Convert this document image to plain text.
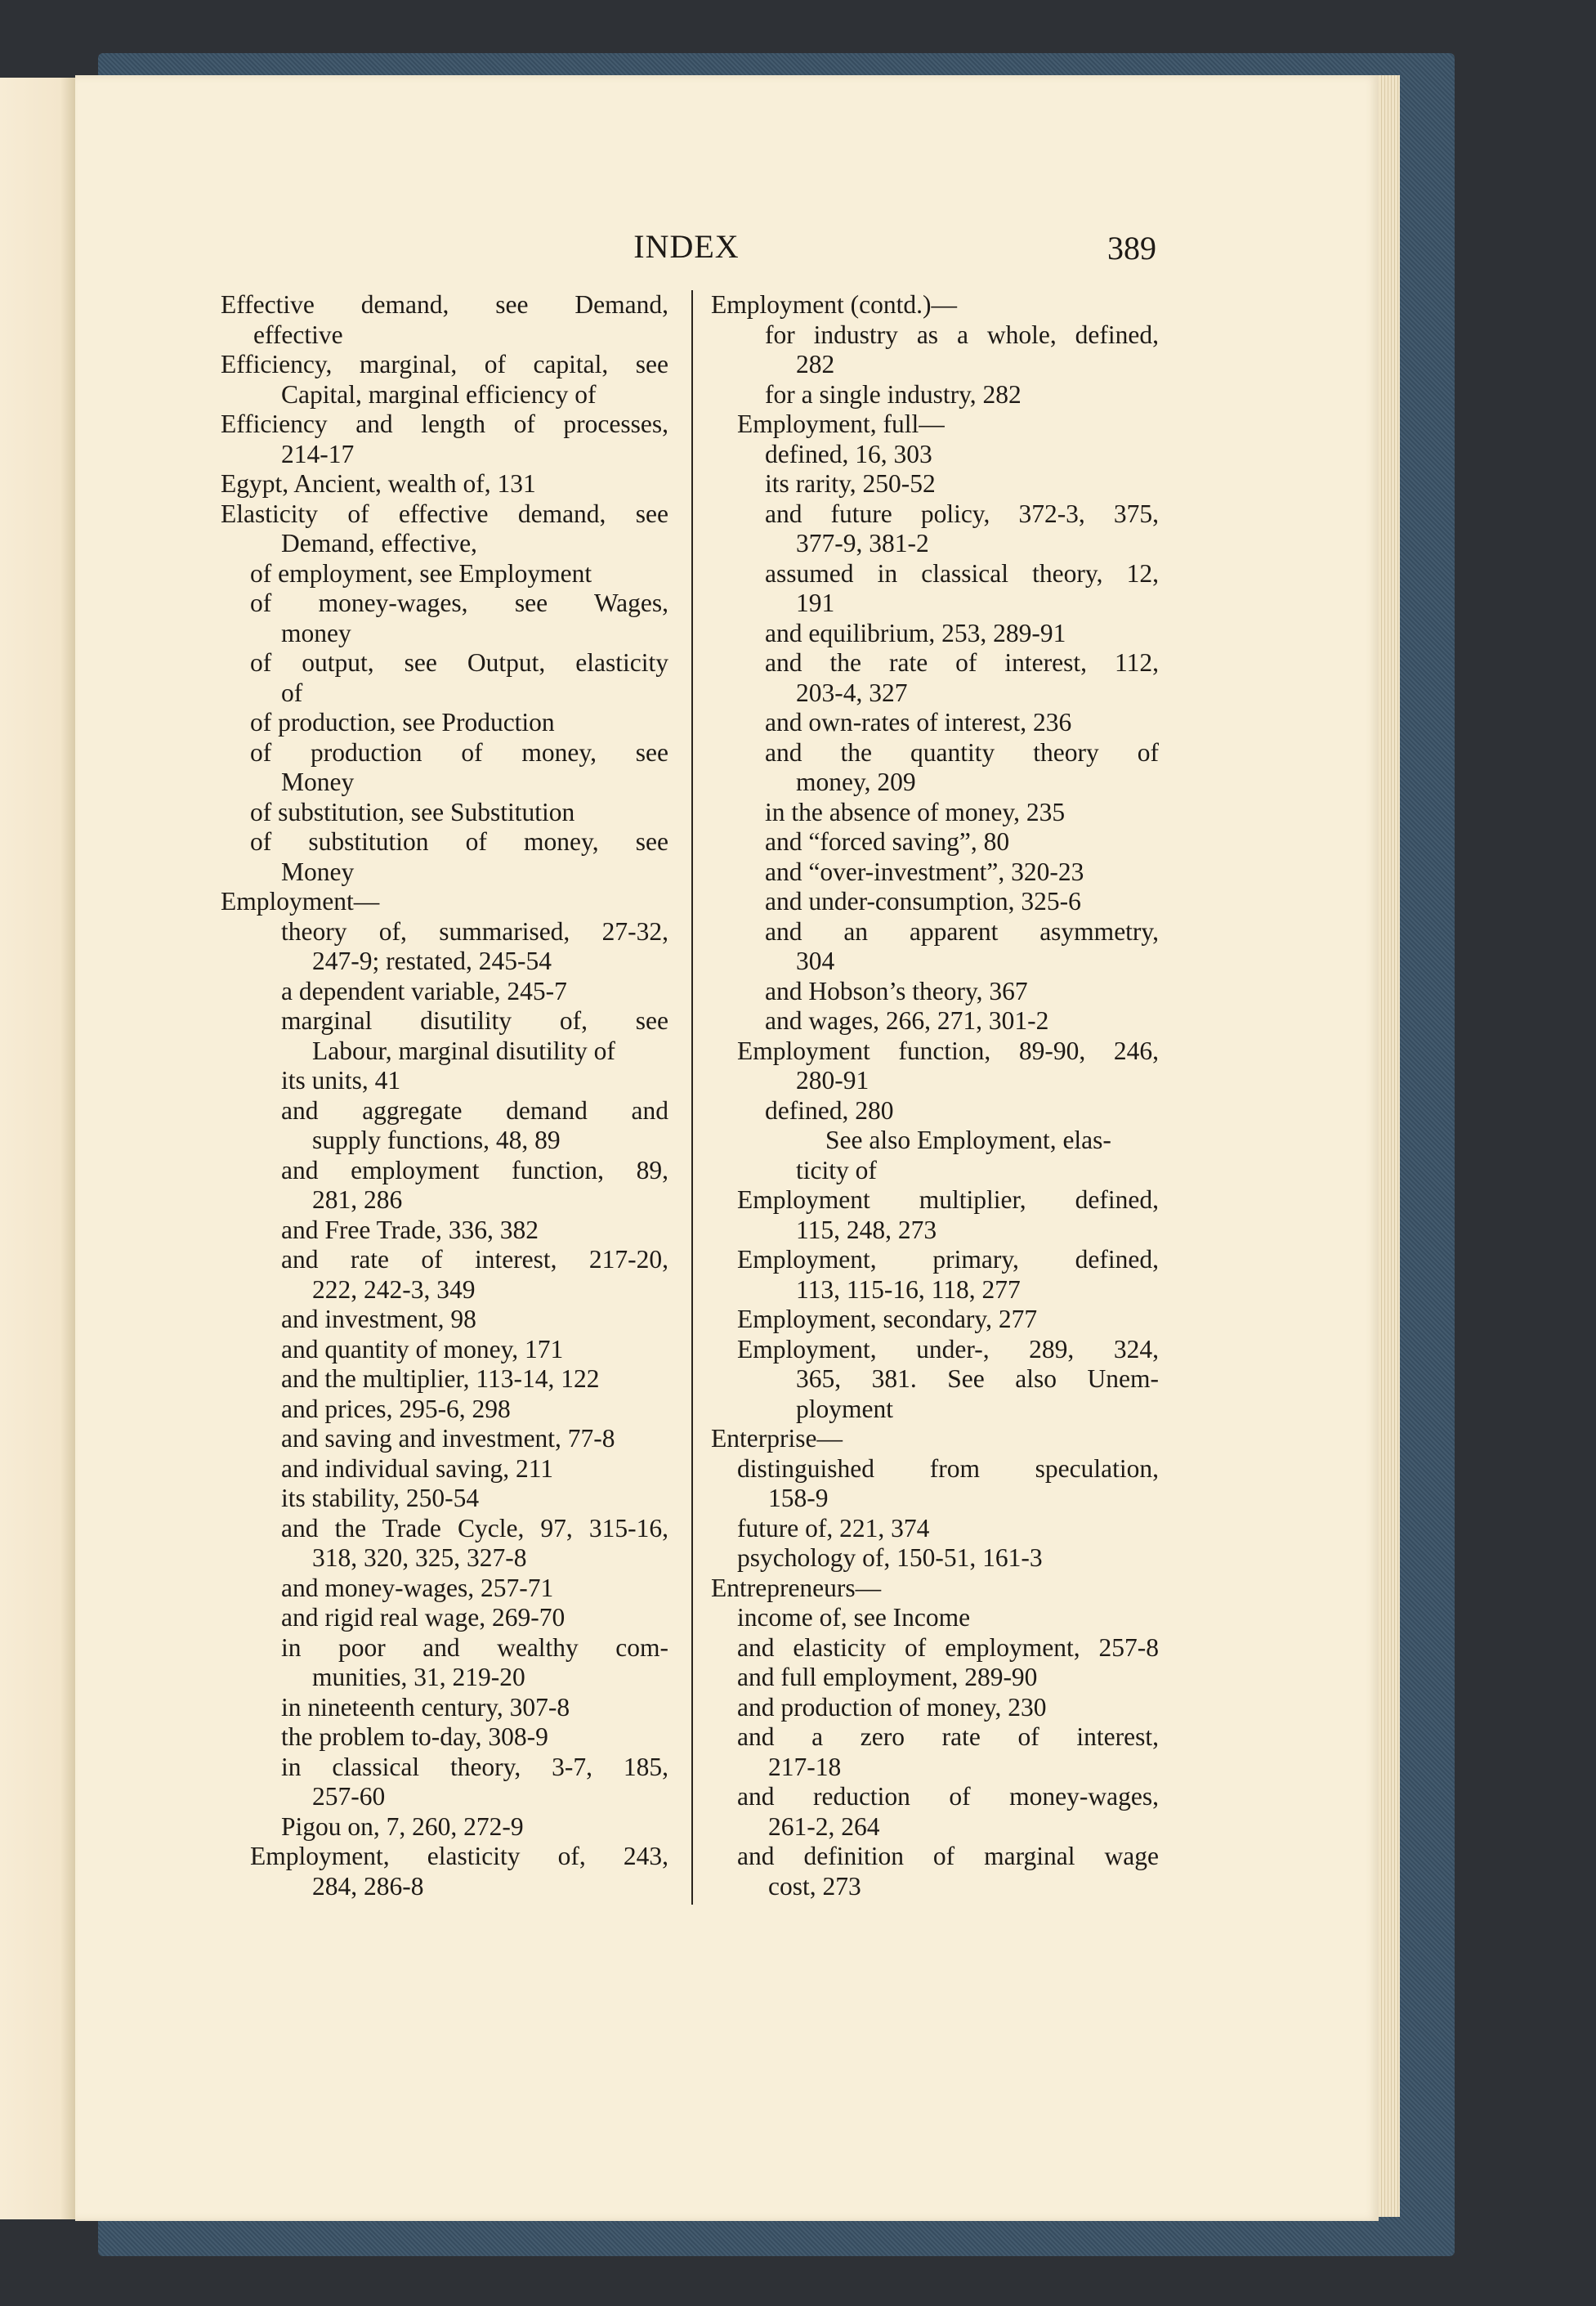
INDEX	389
Effective demand, see Demand,
effective
Efficiency, marginal, of capital, see
Capital, marginal efficiency of
Efficiency and length of processes,
214-17
Egypt, Ancient, wealth of, 131
Elasticity of effective demand, see
Demand, effective,
of employment, see Employment
of money-wages, see Wages,
money
of output, see Output, elasticity
of
of production, see Production
of production of money, see
Money
of substitution, see Substitution
of substitution of money, see
Money
Employment—
theory of, summarised, 27-32,
247-9; restated, 245-54
a dependent variable, 245-7
marginal disutility of, see
Labour, marginal disutility of
its units, 41
and aggregate demand and
supply functions, 48, 89
and employment function, 89,
281, 286
and Free Trade, 336, 382
and rate of interest, 217-20,
222, 242-3, 349
and investment, 98
and quantity of money, 171
and the multiplier, 113-14, 122
and prices, 295-6, 298
and saving and investment, 77-8
and individual saving, 211
its stability, 250-54
and the Trade Cycle, 97, 315-16,
318, 320, 325, 327-8
and money-wages, 257-71
and rigid real wage, 269-70
in poor and wealthy com-
munities, 31, 219-20
in nineteenth century, 307-8
the problem to-day, 308-9
in classical theory, 3-7, 185,
257-60
Pigou on, 7, 260, 272-9
Employment, elasticity of, 243,
284, 286-8
Employment (contd.)—
for industry as a whole, defined,
282
for a single industry, 282
Employment, full—
defined, 16, 303
its rarity, 250-52
and future policy, 372-3, 375,
377-9, 381-2
assumed in classical theory, 12,
191
and equilibrium, 253, 289-91
and the rate of interest, 112,
203-4, 327
and own-rates of interest, 236
and the quantity theory of
money, 209
in the absence of money, 235
and “forced saving”, 80
and “over-investment”, 320-23
and under-consumption, 325-6
and an apparent asymmetry,
304
and Hobson’s theory, 367
and wages, 266, 271, 301-2
Employment function, 89-90, 246,
280-91
defined, 280
See also Employment, elas-
ticity of
Employment multiplier, defined,
115, 248, 273
Employment, primary, defined,
113, 115-16, 118, 277
Employment, secondary, 277
Employment, under-, 289, 324,
365, 381. See also Unem-
ployment
Enterprise—
distinguished from speculation,
158-9
future of, 221, 374
psychology of, 150-51, 161-3
Entrepreneurs—
income of, see Income
and elasticity of employment, 257-8
and full employment, 289-90
and production of money, 230
and a zero rate of interest,
217-18
and reduction of money-wages,
261-2, 264
and definition of marginal wage
cost, 273
